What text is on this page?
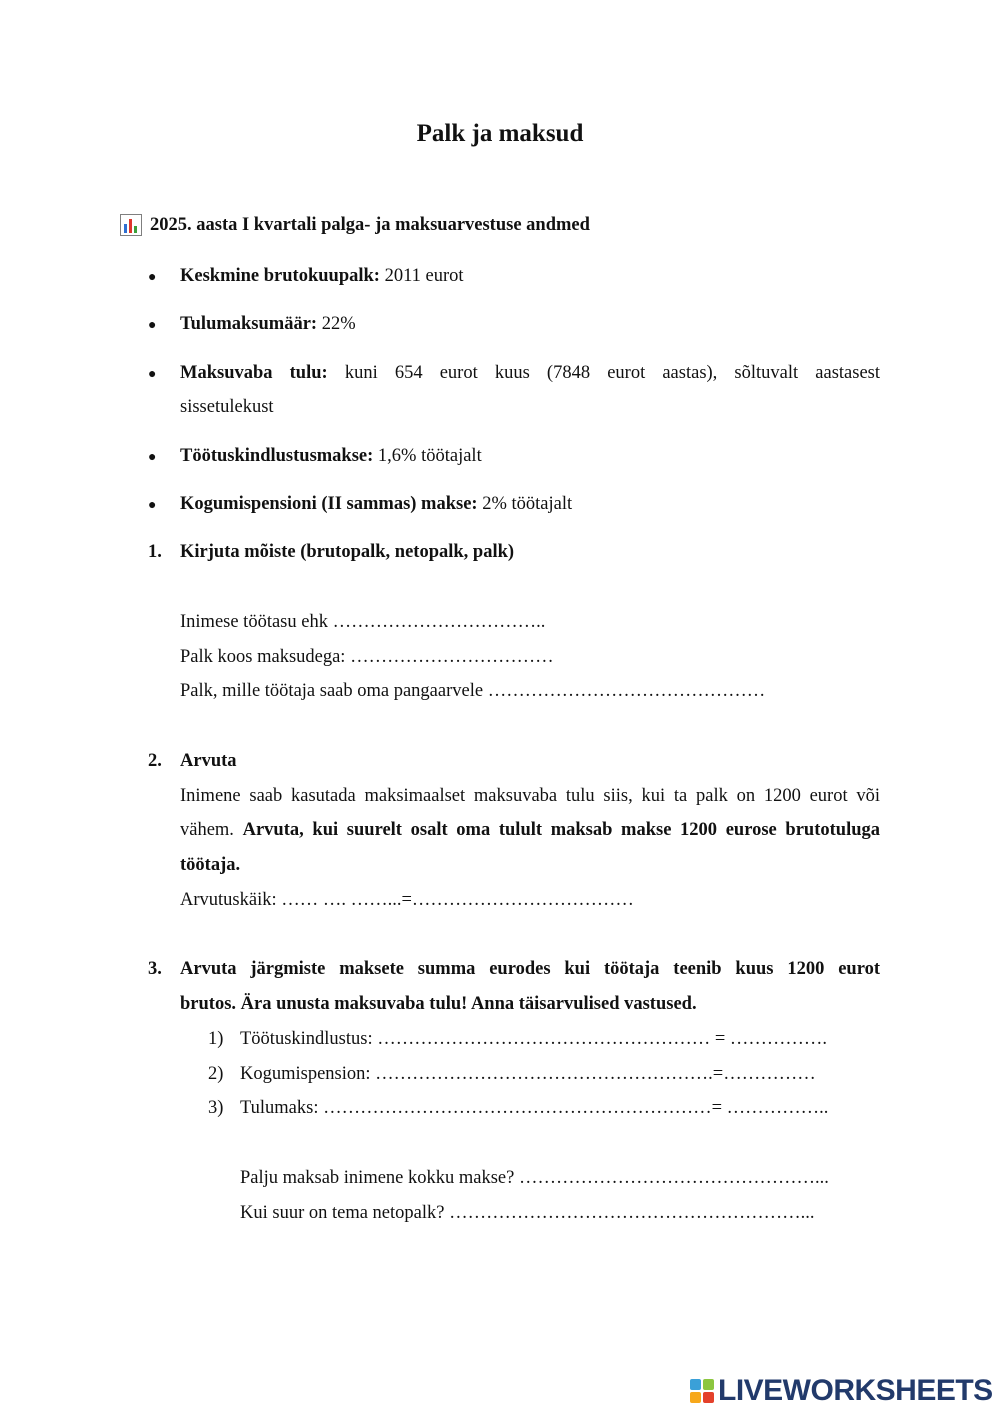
Palk ja maksud
2025. aasta I kvartali palga- ja maksuarvestuse andmed
● Keskmine brutokuupalk: 2011 eurot
● Tulumaksumäär: 22%
● Maksuvaba tulu: kuni 654 eurot kuus (7848 eurot aastas), sõltuvalt aastasest
sissetulekust
● Töötuskindlustusmakse: 1,6% töötajalt
● Kogumispensioni (II sammas) makse: 2% töötajalt
1. Kirjuta mõiste (brutopalk, netopalk, palk)
Inimese töötasu ehk ……………………………..
Palk koos maksudega: ……………………………
Palk, mille töötaja saab oma pangaarvele ………………………………………
2. Arvuta
Inimene saab kasutada maksimaalset maksuvaba tulu siis, kui ta palk on 1200 eurot või
vähem. Arvuta, kui suurelt osalt oma tulult maksab makse 1200 eurose brutotuluga
töötaja.
Arvutuskäik: …… …. ……...=………………………………
3. Arvuta järgmiste maksete summa eurodes kui töötaja teenib kuus 1200 eurot
brutos. Ära unusta maksuvaba tulu! Anna täisarvulised vastused.
1) Töötuskindlustus: ……………………………………………… = …………….
2) Kogumispension: ……………………………………………….=……………
3) Tulumaks: ………………………………………………………= ……………..
Palju maksab inimene kokku makse? …………………………………………...
Kui suur on tema netopalk? …………………………………………………...
LIVEWORKSHEETS
